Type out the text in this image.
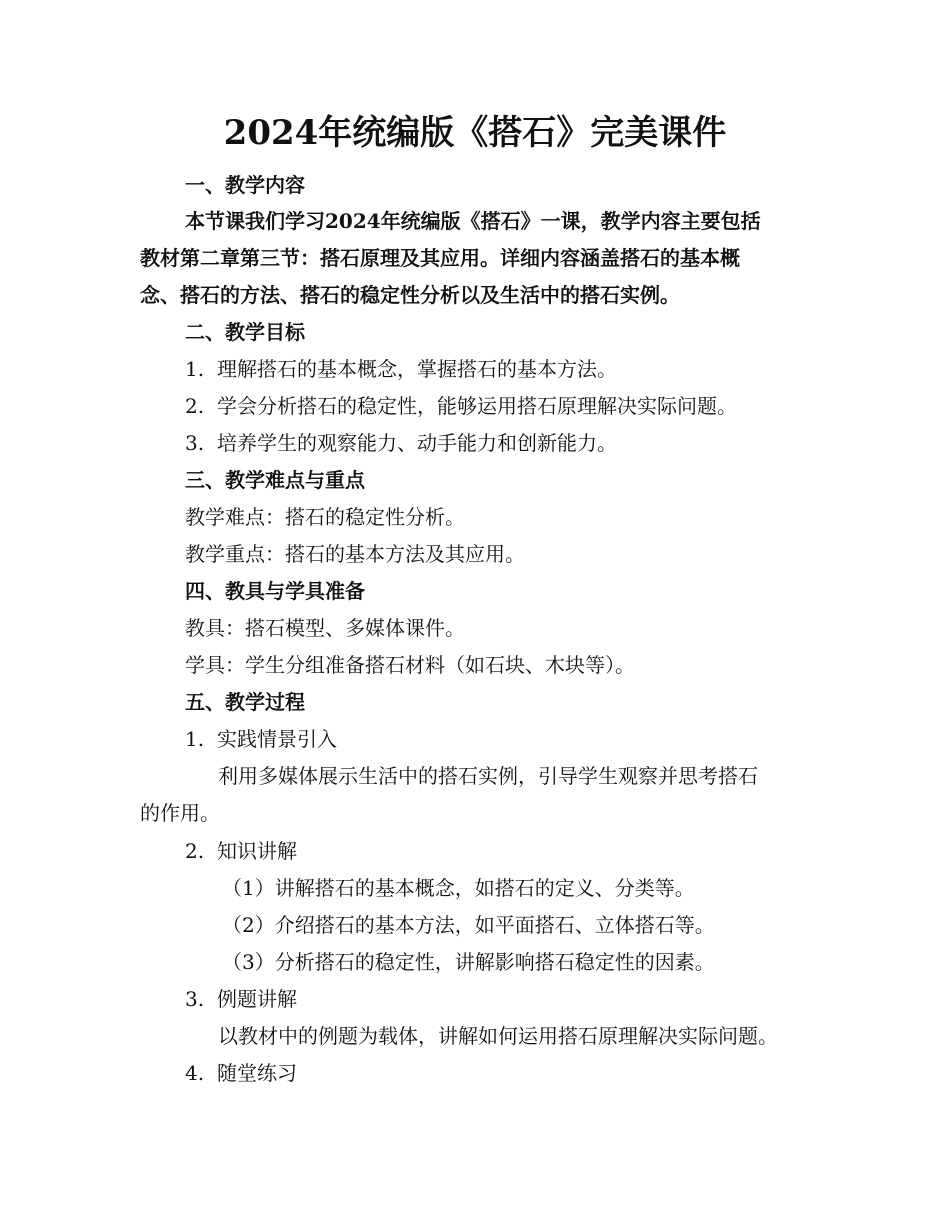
2024年统编版《搭石》完美课件
一、教学内容
本节课我们学习2024年统编版《搭石》一课，教学内容主要包括
教材第二章第三节：搭石原理及其应用。详细内容涵盖搭石的基本概
念、搭石的方法、搭石的稳定性分析以及生活中的搭石实例。
二、教学目标
1. 理解搭石的基本概念，掌握搭石的基本方法。
2. 学会分析搭石的稳定性，能够运用搭石原理解决实际问题。
3. 培养学生的观察能力、动手能力和创新能力。
三、教学难点与重点
教学难点：搭石的稳定性分析。
教学重点：搭石的基本方法及其应用。
四、教具与学具准备
教具：搭石模型、多媒体课件。
学具：学生分组准备搭石材料（如石块、木块等）。
五、教学过程
1. 实践情景引入
利用多媒体展示生活中的搭石实例，引导学生观察并思考搭石
的作用。
2. 知识讲解
（1）讲解搭石的基本概念，如搭石的定义、分类等。
（2）介绍搭石的基本方法，如平面搭石、立体搭石等。
（3）分析搭石的稳定性，讲解影响搭石稳定性的因素。
3. 例题讲解
以教材中的例题为载体，讲解如何运用搭石原理解决实际问题。
4. 随堂练习
